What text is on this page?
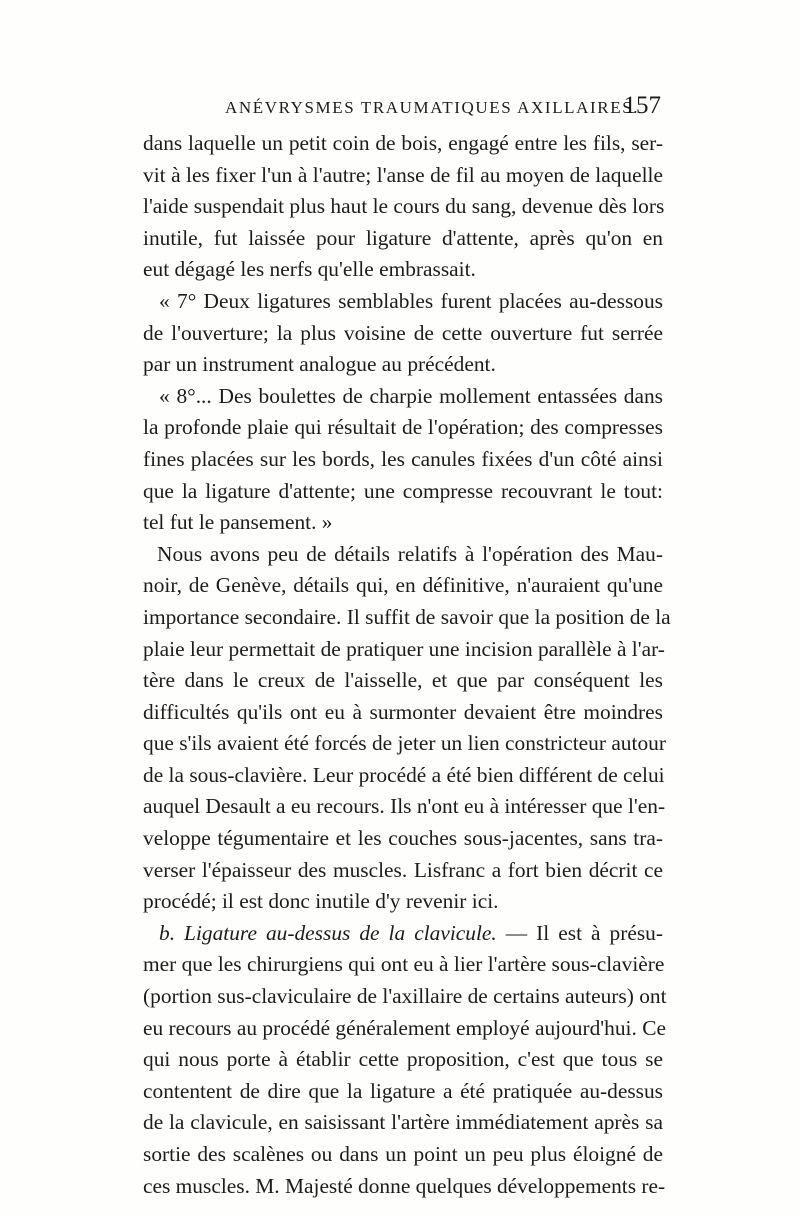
ANÉVRYSMES TRAUMATIQUES AXILLAIRES.
157
dans laquelle un petit coin de bois, engagé entre les fils, ser-
vit à les fixer l'un à l'autre; l'anse de fil au moyen de laquelle
l'aide suspendait plus haut le cours du sang, devenue dès lors
inutile, fut laissée pour ligature d'attente, après qu'on en
eut dégagé les nerfs qu'elle embrassait.
« 7° Deux ligatures semblables furent placées au-dessous
de l'ouverture; la plus voisine de cette ouverture fut serrée
par un instrument analogue au précédent.
« 8°... Des boulettes de charpie mollement entassées dans
la profonde plaie qui résultait de l'opération; des compresses
fines placées sur les bords, les canules fixées d'un côté ainsi
que la ligature d'attente; une compresse recouvrant le tout:
tel fut le pansement. »
Nous avons peu de détails relatifs à l'opération des Mau-
noir, de Genève, détails qui, en définitive, n'auraient qu'une
importance secondaire. Il suffit de savoir que la position de la
plaie leur permettait de pratiquer une incision parallèle à l'ar-
tère dans le creux de l'aisselle, et que par conséquent les
difficultés qu'ils ont eu à surmonter devaient être moindres
que s'ils avaient été forcés de jeter un lien constricteur autour
de la sous-clavière. Leur procédé a été bien différent de celui
auquel Desault a eu recours. Ils n'ont eu à intéresser que l'en-
veloppe tégumentaire et les couches sous-jacentes, sans tra-
verser l'épaisseur des muscles. Lisfranc a fort bien décrit ce
procédé; il est donc inutile d'y revenir ici.
b. Ligature au-dessus de la clavicule. — Il est à présu-
mer que les chirurgiens qui ont eu à lier l'artère sous-clavière
(portion sus-claviculaire de l'axillaire de certains auteurs) ont
eu recours au procédé généralement employé aujourd'hui. Ce
qui nous porte à établir cette proposition, c'est que tous se
contentent de dire que la ligature a été pratiquée au-dessus
de la clavicule, en saisissant l'artère immédiatement après sa
sortie des scalènes ou dans un point un peu plus éloigné de
ces muscles. M. Majesté donne quelques développements re-
